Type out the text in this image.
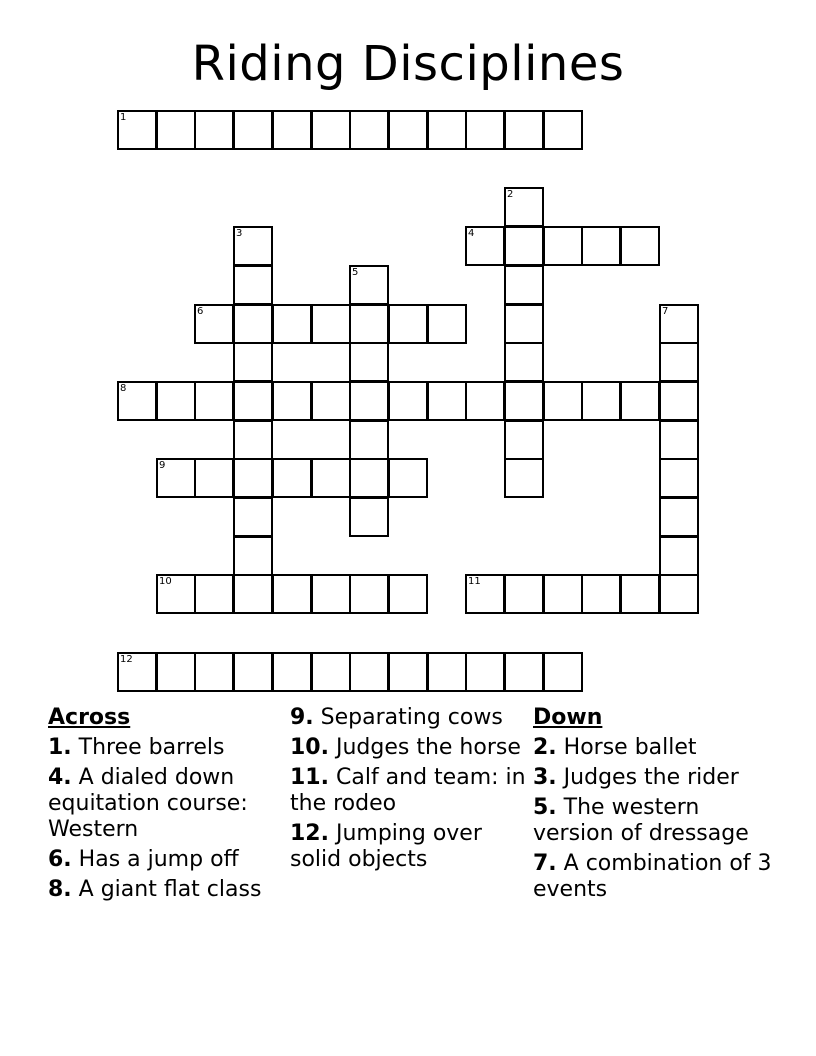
Riding Disciplines
1
2
3	4
5
6	7
8
9
10	11
12
Across
1. Three barrels
4. A dialed down equitation course: Western
6. Has a jump off
8. A giant flat class
9. Separating cows
10. Judges the horse
11. Calf and team: in the rodeo
12. Jumping over solid objects
Down
2. Horse ballet
3. Judges the rider
5. The western version of dressage
7. A combination of 3 events
